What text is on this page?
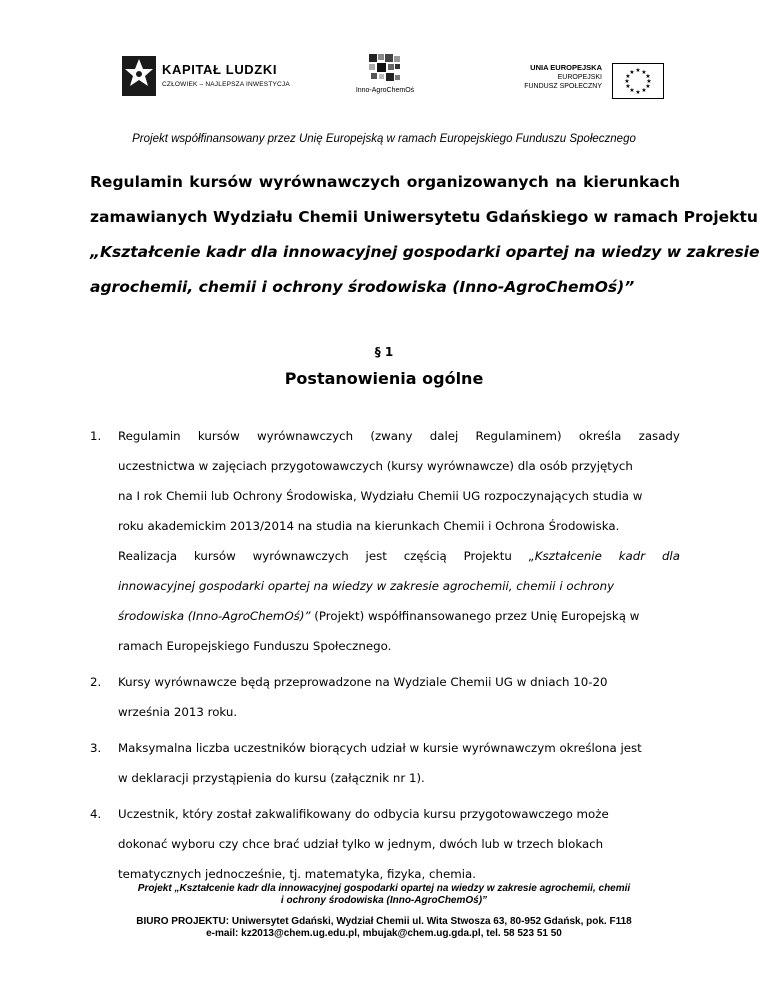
KAPITAŁ LUDZKI
CZŁOWIEK – NAJLEPSZA INWESTYCJA
Inno-AgroChemOś
UNIA EUROPEJSKA
EUROPEJSKI
FUNDUSZ SPOŁECZNY
★ ★
★
★
★
★
★
★
★
★
★
★
Projekt współfinansowany przez Unię Europejską w ramach Europejskiego Funduszu Społecznego
Regulamin kursów wyrównawczych organizowanych na kierunkach
zamawianych Wydziału Chemii Uniwersytetu Gdańskiego w ramach Projektu
„Kształcenie kadr dla innowacyjnej gospodarki opartej na wiedzy w zakresie
agrochemii, chemii i ochrony środowiska (Inno-AgroChemOś)”
§ 1
Postanowienia ogólne
1. Regulamin kursów wyrównawczych (zwany dalej Regulaminem) określa zasady
uczestnictwa w zajęciach przygotowawczych (kursy wyrównawcze) dla osób przyjętych
na I rok Chemii lub Ochrony Środowiska, Wydziału Chemii UG rozpoczynających studia w
roku akademickim 2013/2014 na studia na kierunkach Chemii i Ochrona Środowiska.
Realizacja kursów wyrównawczych jest częścią Projektu „Kształcenie kadr dla
innowacyjnej gospodarki opartej na wiedzy w zakresie agrochemii, chemii i ochrony
środowiska (Inno-AgroChemOś)” (Projekt) współfinansowanego przez Unię Europejską w
ramach Europejskiego Funduszu Społecznego.
2. Kursy wyrównawcze będą przeprowadzone na Wydziale Chemii UG w dniach 10-20
września 2013 roku.
3. Maksymalna liczba uczestników biorących udział w kursie wyrównawczym określona jest
w deklaracji przystąpienia do kursu (załącznik nr 1).
4. Uczestnik, który został zakwalifikowany do odbycia kursu przygotowawczego może
dokonać wyboru czy chce brać udział tylko w jednym, dwóch lub w trzech blokach
tematycznych jednocześnie, tj. matematyka, fizyka, chemia.
Projekt „Kształcenie kadr dla innowacyjnej gospodarki opartej na wiedzy w zakresie agrochemii, chemii
i ochrony środowiska (Inno-AgroChemOś)”
BIURO PROJEKTU: Uniwersytet Gdański, Wydział Chemii ul. Wita Stwosza 63, 80-952 Gdańsk, pok. F118
e-mail: kz2013@chem.ug.edu.pl, mbujak@chem.ug.gda.pl, tel. 58 523 51 50
